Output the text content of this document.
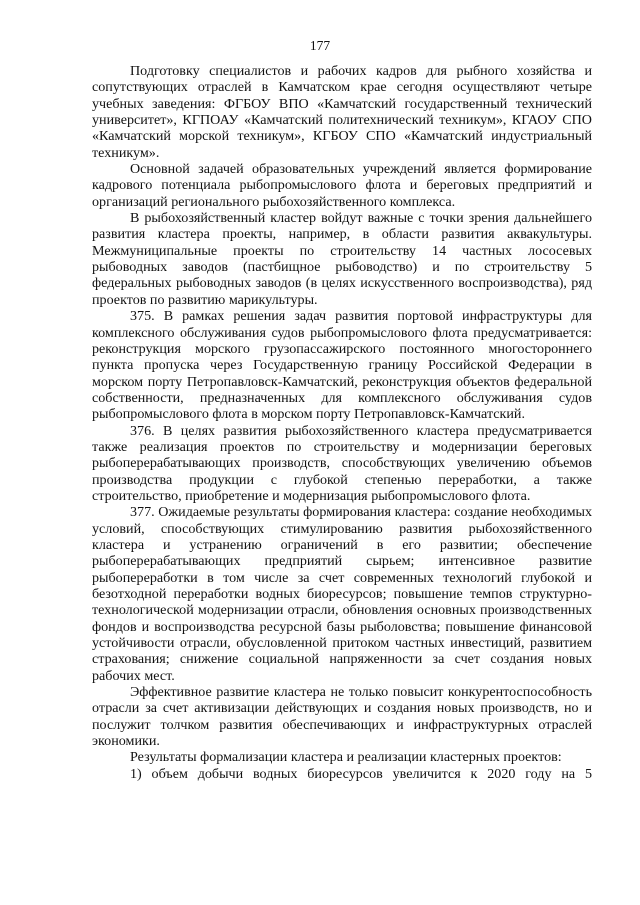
177

Подготовку специалистов и рабочих кадров для рыбного хозяйства и сопутствующих отраслей в Камчатском крае сегодня осуществляют четыре учебных заведения: ФГБОУ ВПО «Камчатский государственный технический университет», КГПОАУ «Камчатский политехнический техникум», КГАОУ СПО «Камчатский морской техникум», КГБОУ СПО «Камчатский индустриальный техникум».

Основной задачей образовательных учреждений является формирование кадрового потенциала рыбопромыслового флота и береговых предприятий и организаций регионального рыбохозяйственного комплекса.

В рыбохозяйственный кластер войдут важные с точки зрения дальнейшего развития кластера проекты, например, в области развития аквакультуры. Межмуниципальные проекты по строительству 14 частных лососевых рыбоводных заводов (пастбищное рыбоводство) и по строительству 5 федеральных рыбоводных заводов (в целях искусственного воспроизводства), ряд проектов по развитию марикультуры.

375. В рамках решения задач развития портовой инфраструктуры для комплексного обслуживания судов рыбопромыслового флота предусматривается: реконструкция морского грузопассажирского постоянного многостороннего пункта пропуска через Государственную границу Российской Федерации в морском порту Петропавловск-Камчатский, реконструкция объектов федеральной собственности, предназначенных для комплексного обслуживания судов рыбопромыслового флота в морском порту Петропавловск-Камчатский.

376. В целях развития рыбохозяйственного кластера предусматривается также реализация проектов по строительству и модернизации береговых рыбоперерабатывающих производств, способствующих увеличению объемов производства продукции с глубокой степенью переработки, а также строительство, приобретение и модернизация рыбопромыслового флота.

377. Ожидаемые результаты формирования кластера: создание необходимых условий, способствующих стимулированию развития рыбохозяйственного кластера и устранению ограничений в его развитии; обеспечение рыбоперерабатывающих предприятий сырьем; интенсивное развитие рыбопереработки в том числе за счет современных технологий глубокой и безотходной переработки водных биоресурсов; повышение темпов структурно-технологической модернизации отрасли, обновления основных производственных фондов и воспроизводства ресурсной базы рыболовства; повышение финансовой устойчивости отрасли, обусловленной притоком частных инвестиций, развитием страхования; снижение социальной напряженности за счет создания новых рабочих мест.

Эффективное развитие кластера не только повысит конкурентоспособность отрасли за счет активизации действующих и создания новых производств, но и послужит толчком развития обеспечивающих и инфраструктурных отраслей экономики.

Результаты формализации кластера и реализации кластерных проектов:

1) объем добычи водных биоресурсов увеличится к 2020 году на 5
